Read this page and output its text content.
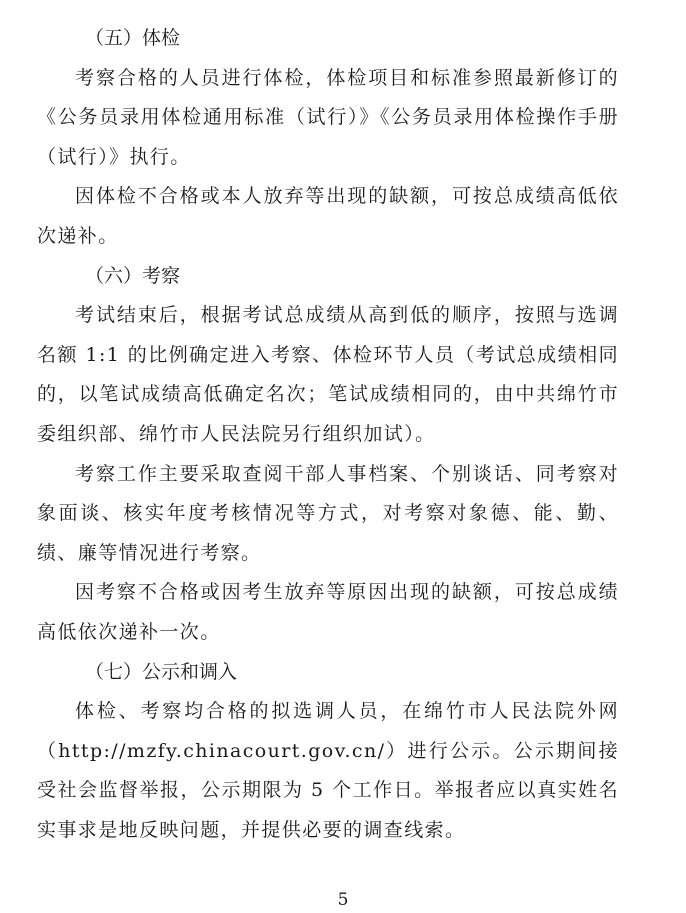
（五）体检

考察合格的人员进行体检，体检项目和标准参照最新修订的《公务员录用体检通用标准（试行）》《公务员录用体检操作手册（试行）》执行。

因体检不合格或本人放弃等出现的缺额，可按总成绩高低依次递补。

（六）考察

考试结束后，根据考试总成绩从高到低的顺序，按照与选调名额 1:1 的比例确定进入考察、体检环节人员（考试总成绩相同的，以笔试成绩高低确定名次；笔试成绩相同的，由中共绵竹市委组织部、绵竹市人民法院另行组织加试）。

考察工作主要采取查阅干部人事档案、个别谈话、同考察对象面谈、核实年度考核情况等方式，对考察对象德、能、勤、绩、廉等情况进行考察。

因考察不合格或因考生放弃等原因出现的缺额，可按总成绩高低依次递补一次。

（七）公示和调入

体检、考察均合格的拟选调人员，在绵竹市人民法院外网（http://mzfy.chinacourt.gov.cn/）进行公示。公示期间接受社会监督举报，公示期限为 5 个工作日。举报者应以真实姓名实事求是地反映问题，并提供必要的调查线索。

5
